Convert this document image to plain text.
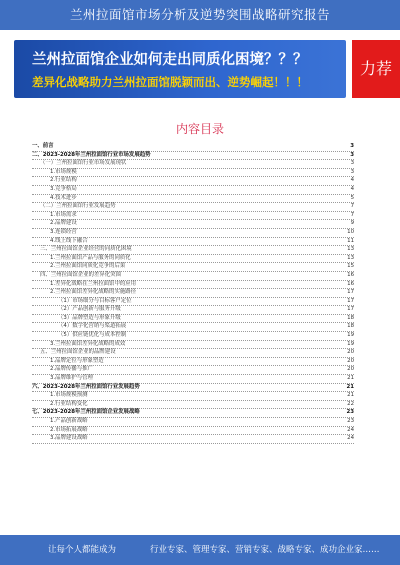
兰州拉面馆市场分析及逆势突围战略研究报告
兰州拉面馆企业如何走出同质化困境？？？
差异化战略助力兰州拉面馆脱颖而出、逆势崛起！！！
力荐
内容目录
一、前言	3
二、2023-2028年兰州拉面馆行业市场发展趋势	3
（一）兰州拉面馆行业市场发展现状	3
1.市场规模	3
2.行业结构	4
3.竞争格局	4
4.技术进步	5
（二）兰州拉面馆行业发展趋势	7
1.市场需求	7
2.品牌建设	9
3.连锁经营	10
4.线上线下融合	11
三、兰州拉面馆企业经营的同质化困境	13
1.兰州拉面馆产品与服务的同质化	13
2.兰州拉面馆同质化竞争的后果	15
四、兰州拉面馆企业的差异化突围	16
1.差异化战略在兰州拉面馆中的应用	16
2.兰州拉面馆差异化战略的实施路径	17
（1）市场细分与目标客户定位	17
（2）产品创新与服务升级	17
（3）品牌塑造与形象升级	18
（4）数字化营销与渠道拓展	18
（5）供应链优化与成本控制	19
3.兰州拉面馆差异化战略的成效	19
五、兰州拉面馆企业的品牌建设	20
1.品牌定位与形象塑造	20
2.品牌传播与推广	20
3.品牌维护与管理	21
六、2023-2028年兰州拉面馆行业发展趋势	21
1.市场规模预测	21
2.行业结构变化	22
七、2023-2028年兰州拉面馆企业发展战略	23
1.产品创新战略	23
2.市场拓展战略	24
3.品牌建设战略	24
让每个人都能成为	行业专家、管理专家、营销专家、战略专家、成功企业家……
